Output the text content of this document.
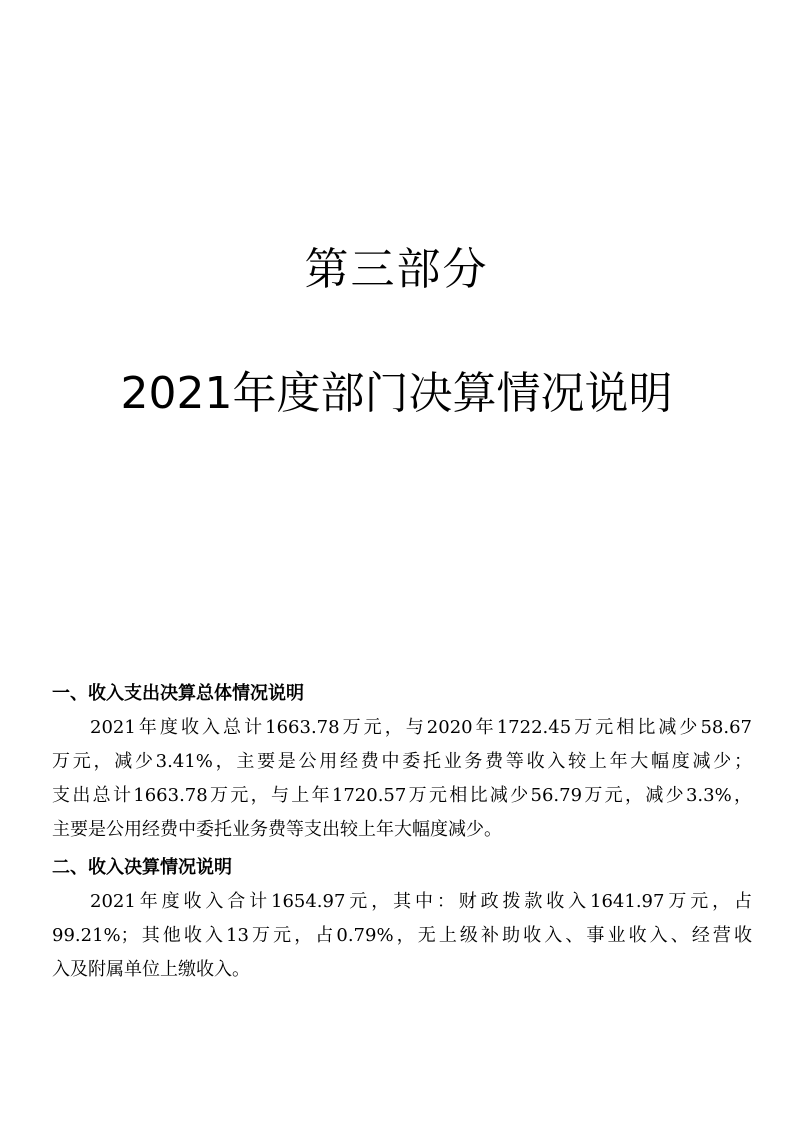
第三部分
2021年度部门决算情况说明
一、收入支出决算总体情况说明

2021年度收入总计1663.78万元，与2020年1722.45万元相比减少58.67
万元，减少3.41%，主要是公用经费中委托业务费等收入较上年大幅度减少；
支出总计1663.78万元，与上年1720.57万元相比减少56.79万元，减少3.3%，
主要是公用经费中委托业务费等支出较上年大幅度减少。

二、收入决算情况说明

2021年度收入合计1654.97元，其中：财政拨款收入1641.97万元，占
99.21%；其他收入13万元，占0.79%，无上级补助收入、事业收入、经营收
入及附属单位上缴收入。
